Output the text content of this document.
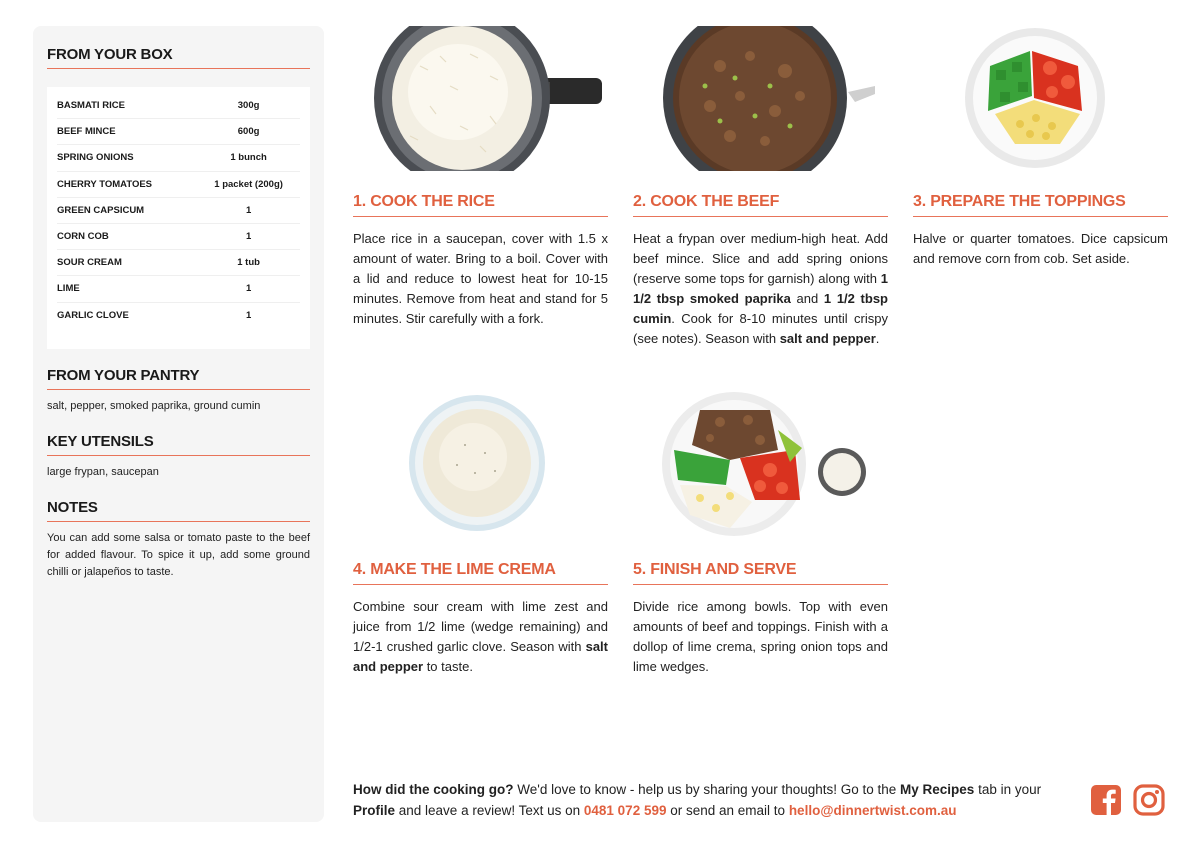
FROM YOUR BOX
BASMATI RICE	300g
BEEF MINCE	600g
SPRING ONIONS	1 bunch
CHERRY TOMATOES	1 packet (200g)
GREEN CAPSICUM	1
CORN COB	1
SOUR CREAM	1 tub
LIME	1
GARLIC CLOVE	1
FROM YOUR PANTRY
salt, pepper, smoked paprika, ground cumin
KEY UTENSILS
large frypan, saucepan
NOTES
You can add some salsa or tomato paste to the beef for added flavour. To spice it up, add some ground chilli or jalapeños to taste.
1. COOK THE RICE
Place rice in a saucepan, cover with 1.5 x amount of water. Bring to a boil. Cover with a lid and reduce to lowest heat for 10-15 minutes. Remove from heat and stand for 5 minutes. Stir carefully with a fork.
2. COOK THE BEEF
Heat a frypan over medium-high heat. Add beef mince. Slice and add spring onions (reserve some tops for garnish) along with 1 1/2 tbsp smoked paprika and 1 1/2 tbsp cumin. Cook for 8-10 minutes until crispy (see notes). Season with salt and pepper.
3. PREPARE THE TOPPINGS
Halve or quarter tomatoes. Dice capsicum and remove corn from cob. Set aside.
4. MAKE THE LIME CREMA
Combine sour cream with lime zest and juice from 1/2 lime (wedge remaining) and 1/2-1 crushed garlic clove. Season with salt and pepper to taste.
5. FINISH AND SERVE
Divide rice among bowls. Top with even amounts of beef and toppings. Finish with a dollop of lime crema, spring onion tops and lime wedges.
How did the cooking go? We'd love to know - help us by sharing your thoughts! Go to the My Recipes tab in your Profile and leave a review! Text us on 0481 072 599 or send an email to hello@dinnertwist.com.au
